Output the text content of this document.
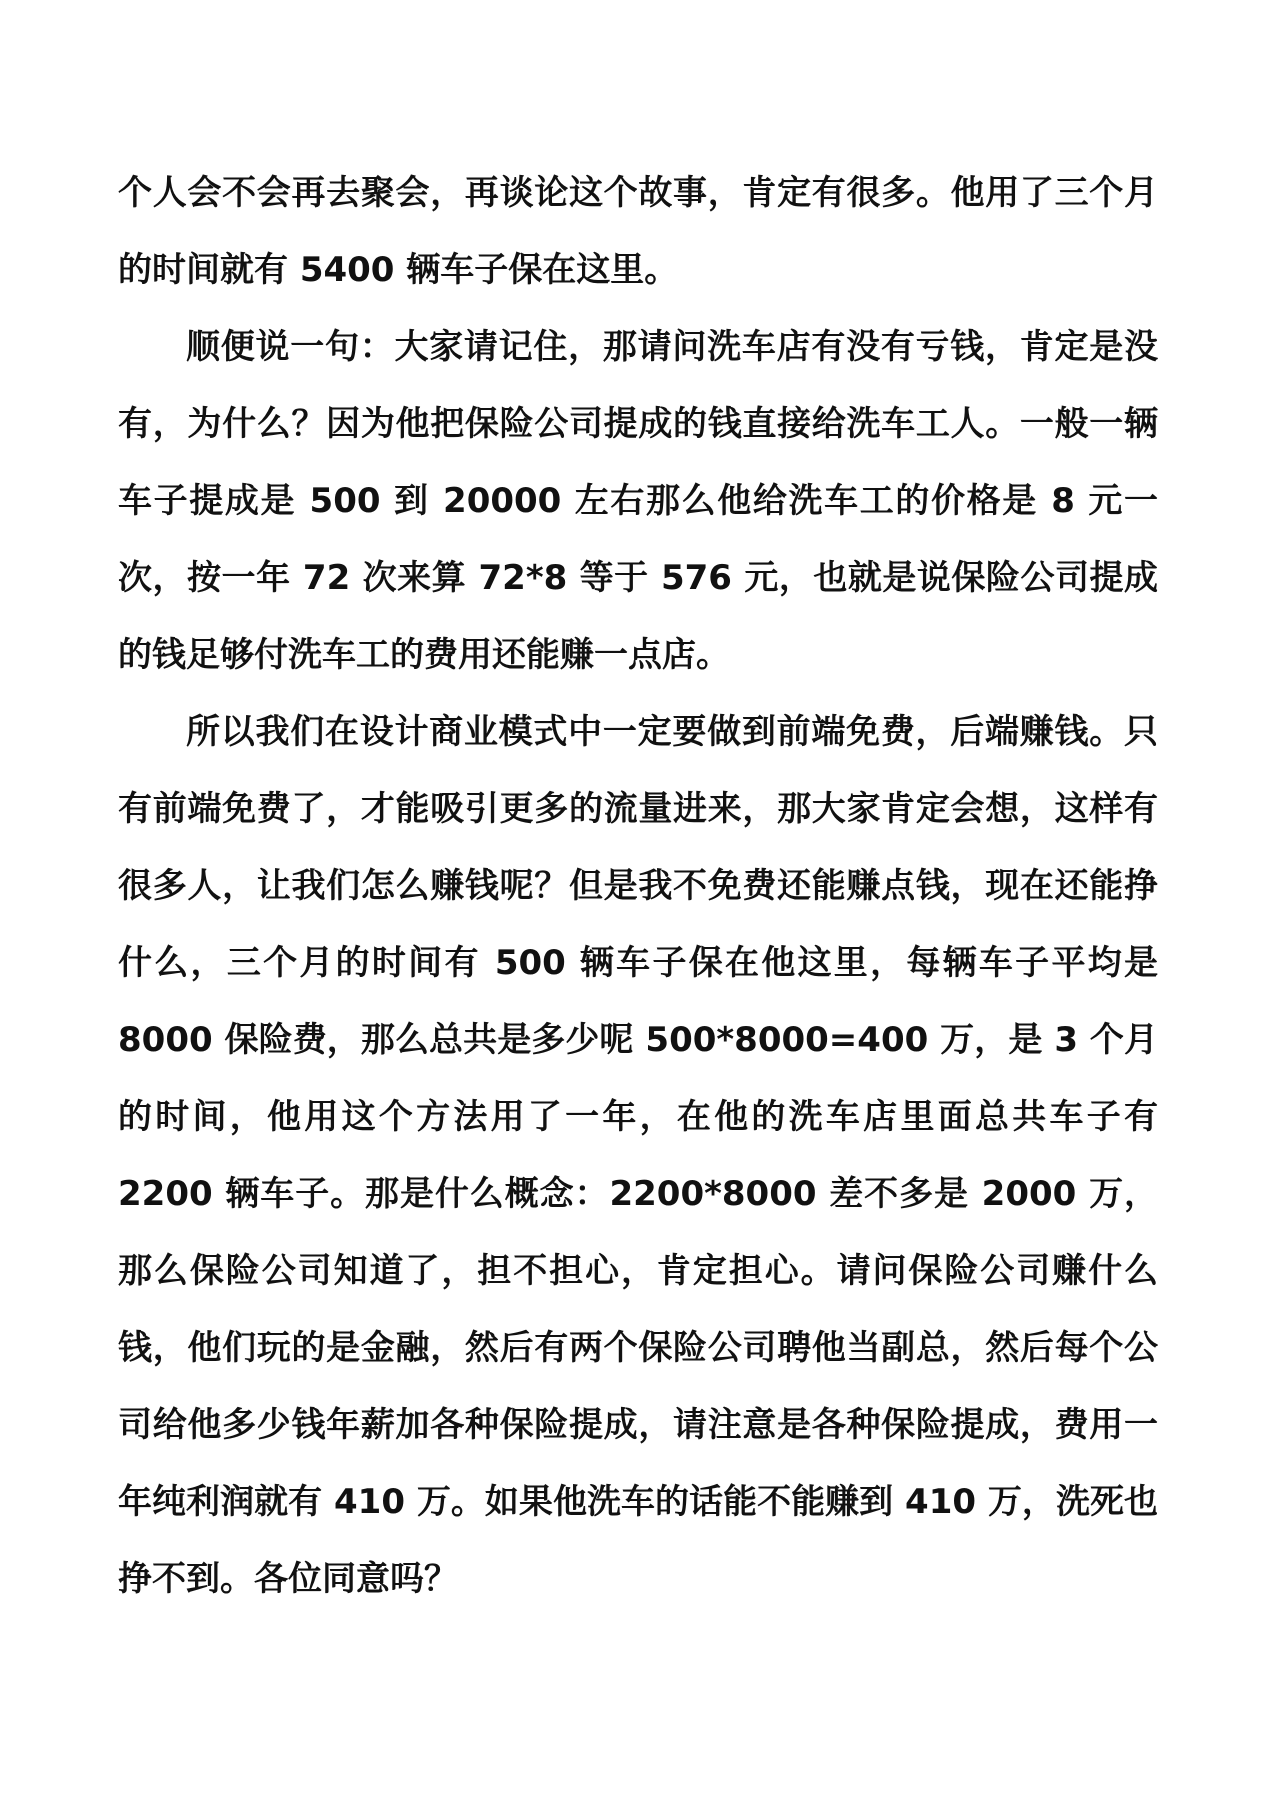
个人会不会再去聚会，再谈论这个故事，肯定有很多。他用了三个月的时间就有 5400 辆车子保在这里。

顺便说一句：大家请记住，那请问洗车店有没有亏钱，肯定是没有，为什么？因为他把保险公司提成的钱直接给洗车工人。一般一辆车子提成是 500 到 20000 左右那么他给洗车工的价格是 8 元一次，按一年 72 次来算 72*8 等于 576 元，也就是说保险公司提成的钱足够付洗车工的费用还能赚一点店。

所以我们在设计商业模式中一定要做到前端免费，后端赚钱。只有前端免费了，才能吸引更多的流量进来，那大家肯定会想，这样有很多人，让我们怎么赚钱呢？但是我不免费还能赚点钱，现在还能挣什么，三个月的时间有 500 辆车子保在他这里，每辆车子平均是 8000 保险费，那么总共是多少呢 500*8000=400 万，是 3 个月的时间，他用这个方法用了一年，在他的洗车店里面总共车子有 2200 辆车子。那是什么概念：2200*8000 差不多是 2000 万，那么保险公司知道了，担不担心，肯定担心。请问保险公司赚什么钱，他们玩的是金融，然后有两个保险公司聘他当副总，然后每个公司给他多少钱年薪加各种保险提成，请注意是各种保险提成，费用一年纯利润就有 410 万。如果他洗车的话能不能赚到 410 万，洗死也挣不到。各位同意吗？
